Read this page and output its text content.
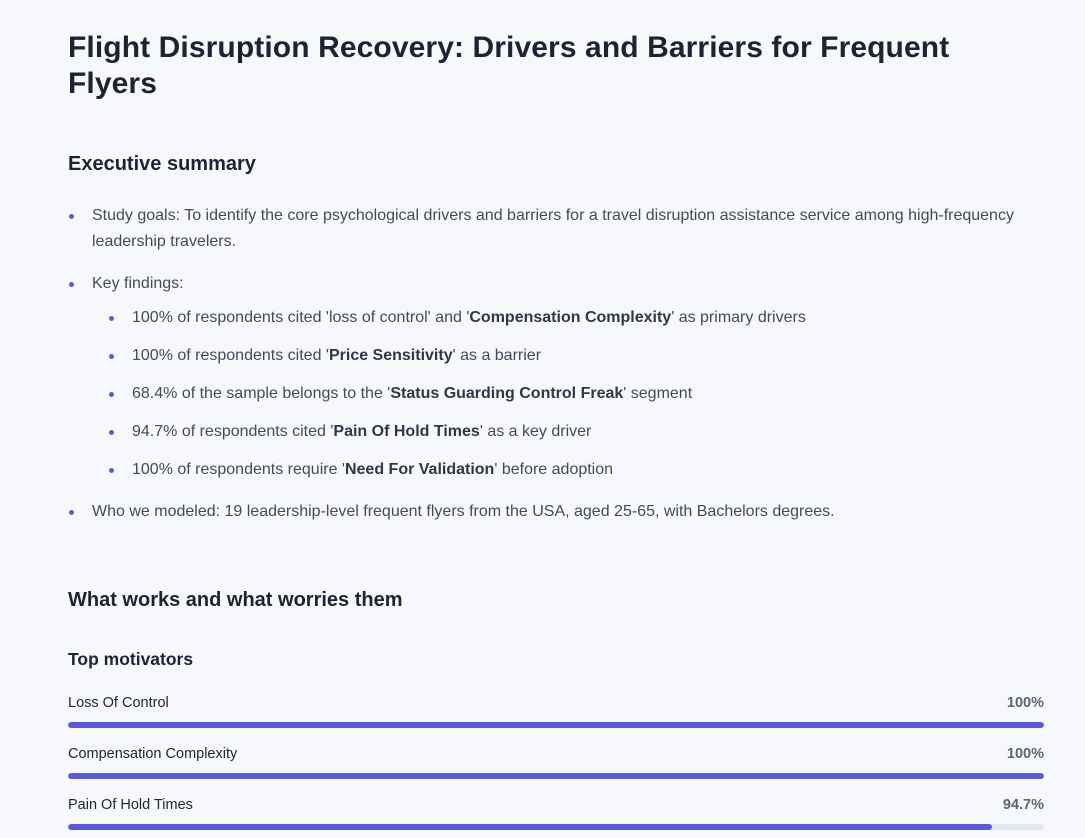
Flight Disruption Recovery: Drivers and Barriers for Frequent Flyers
Executive summary
Study goals: To identify the core psychological drivers and barriers for a travel disruption assistance service among high-frequency leadership travelers.
Key findings:
100% of respondents cited 'loss of control' and 'Compensation Complexity' as primary drivers
100% of respondents cited 'Price Sensitivity' as a barrier
68.4% of the sample belongs to the 'Status Guarding Control Freak' segment
94.7% of respondents cited 'Pain Of Hold Times' as a key driver
100% of respondents require 'Need For Validation' before adoption
Who we modeled: 19 leadership-level frequent flyers from the USA, aged 25-65, with Bachelors degrees.
What works and what worries them
Top motivators
Loss Of Control	100%
Compensation Complexity	100%
Pain Of Hold Times	94.7%
